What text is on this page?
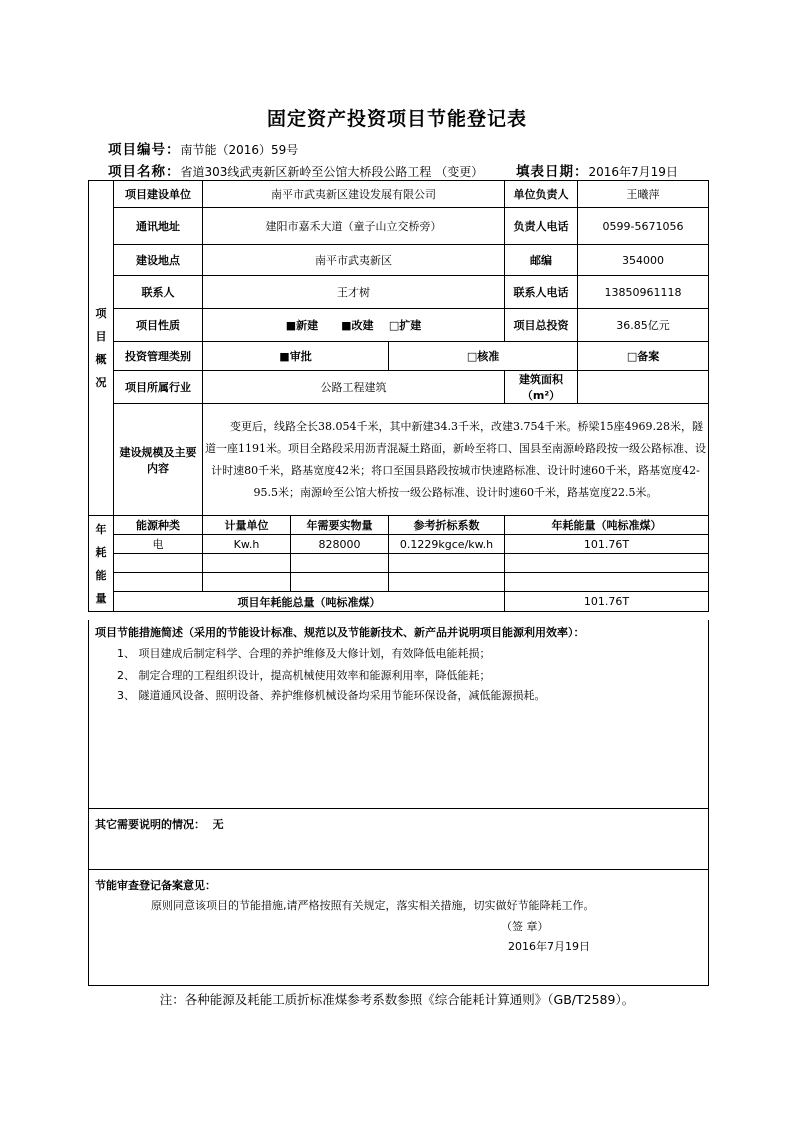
固定资产投资项目节能登记表
项目编号：南节能（2016）59号
项目名称：省道303线武夷新区新岭至公馆大桥段公路工程 （变更） 填表日期：2016年7月19日
项
目
概
况	项目建设单位	南平市武夷新区建设发展有限公司			单位负责人	王曦萍
	通讯地址	建阳市嘉禾大道（童子山立交桥旁）			负责人电话	0599-5671056
	建设地点	南平市武夷新区			邮编	354000
	联系人	王才树			联系人电话	13850961118
	项目性质	■新建 ■改建 □扩建			项目总投资	36.85亿元
	投资管理类别	■审批		□核准		□备案
	项目所属行业	公路工程建筑			建筑面积（m²）	
	建设规模及主要内容	变更后，线路全长38.054千米，其中新建34.3千米，改建3.754千米。桥梁15座4969.28米，隧道一座1191米。项目全路段采用沥青混凝土路面，新岭至将口、国县至南源岭路段按一级公路标准、设计时速80千米，路基宽度42米；将口至国县路段按城市快速路标准、设计时速60千米，路基宽度42-95.5米；南源岭至公馆大桥按一级公路标准、设计时速60千米，路基宽度22.5米。				
年
耗
能
量	能源种类	计量单位	年需要实物量	参考折标系数	年耗能量（吨标准煤）	
	电	Kw.h	828000	0.1229kgce/kw.h	101.76T	

	项目年耗能总量（吨标准煤）				101.76T	
项目节能措施简述（采用的节能设计标准、规范以及节能新技术、新产品并说明项目能源利用效率）：
1、 项目建成后制定科学、合理的养护维修及大修计划，有效降低电能耗损；
2、 制定合理的工程组织设计，提高机械使用效率和能源利用率，降低能耗；
3、 隧道通风设备、照明设备、养护维修机械设备均采用节能环保设备，减低能源损耗。
其它需要说明的情况： 无
节能审查登记备案意见：
原则同意该项目的节能措施,请严格按照有关规定，落实相关措施，切实做好节能降耗工作。
（签 章）
2016年7月19日
注：各种能源及耗能工质折标准煤参考系数参照《综合能耗计算通则》（GB/T2589）。
